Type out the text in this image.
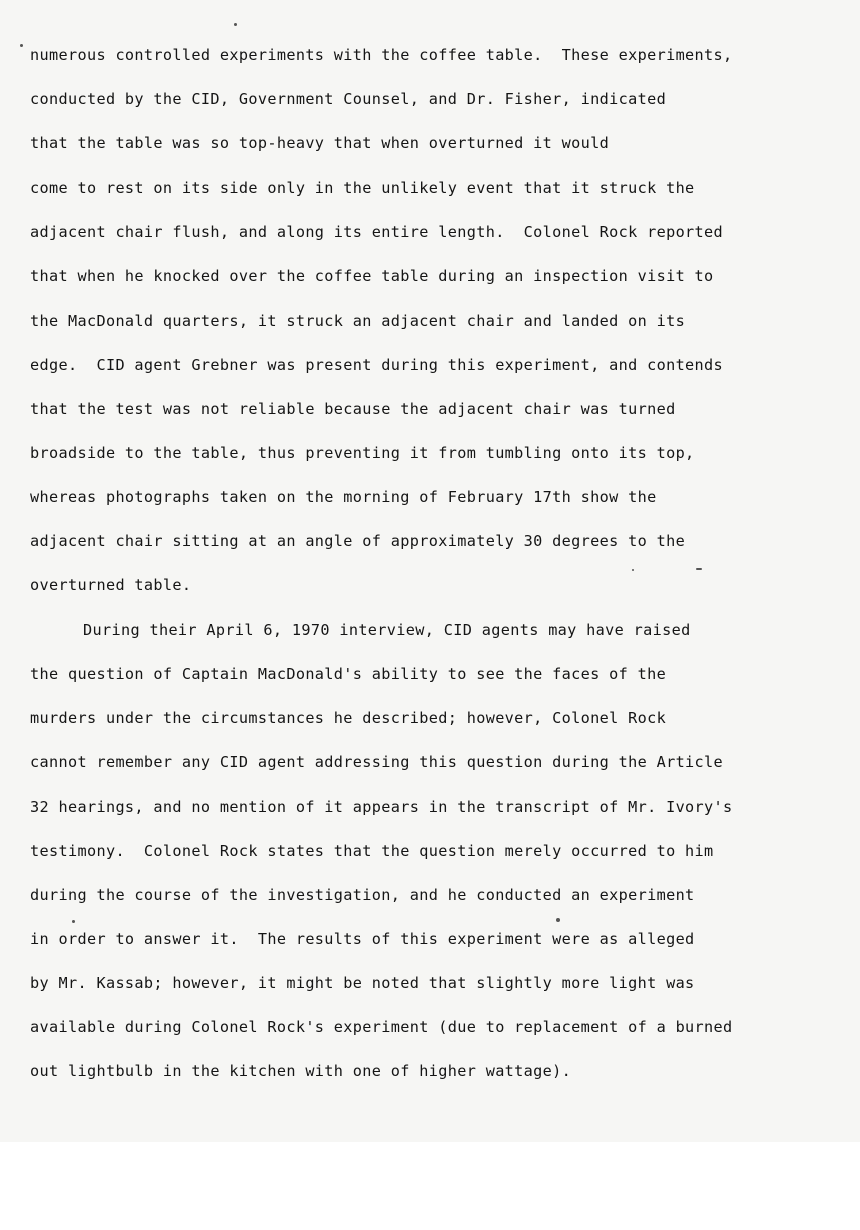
numerous controlled experiments with the coffee table.  These experiments,

conducted by the CID, Government Counsel, and Dr. Fisher, indicated

that the table was so top-heavy that when overturned it would

come to rest on its side only in the unlikely event that it struck the

adjacent chair flush, and along its entire length.  Colonel Rock reported

that when he knocked over the coffee table during an inspection visit to

the MacDonald quarters, it struck an adjacent chair and landed on its

edge.  CID agent Grebner was present during this experiment, and contends

that the test was not reliable because the adjacent chair was turned

broadside to the table, thus preventing it from tumbling onto its top,

whereas photographs taken on the morning of February 17th show the

adjacent chair sitting at an angle of approximately 30 degrees to the

overturned table.

During their April 6, 1970 interview, CID agents may have raised

the question of Captain MacDonald's ability to see the faces of the

murders under the circumstances he described; however, Colonel Rock

cannot remember any CID agent addressing this question during the Article

32 hearings, and no mention of it appears in the transcript of Mr. Ivory's

testimony.  Colonel Rock states that the question merely occurred to him

during the course of the investigation, and he conducted an experiment

in order to answer it.  The results of this experiment were as alleged

by Mr. Kassab; however, it might be noted that slightly more light was

available during Colonel Rock's experiment (due to replacement of a burned

out lightbulb in the kitchen with one of higher wattage).
